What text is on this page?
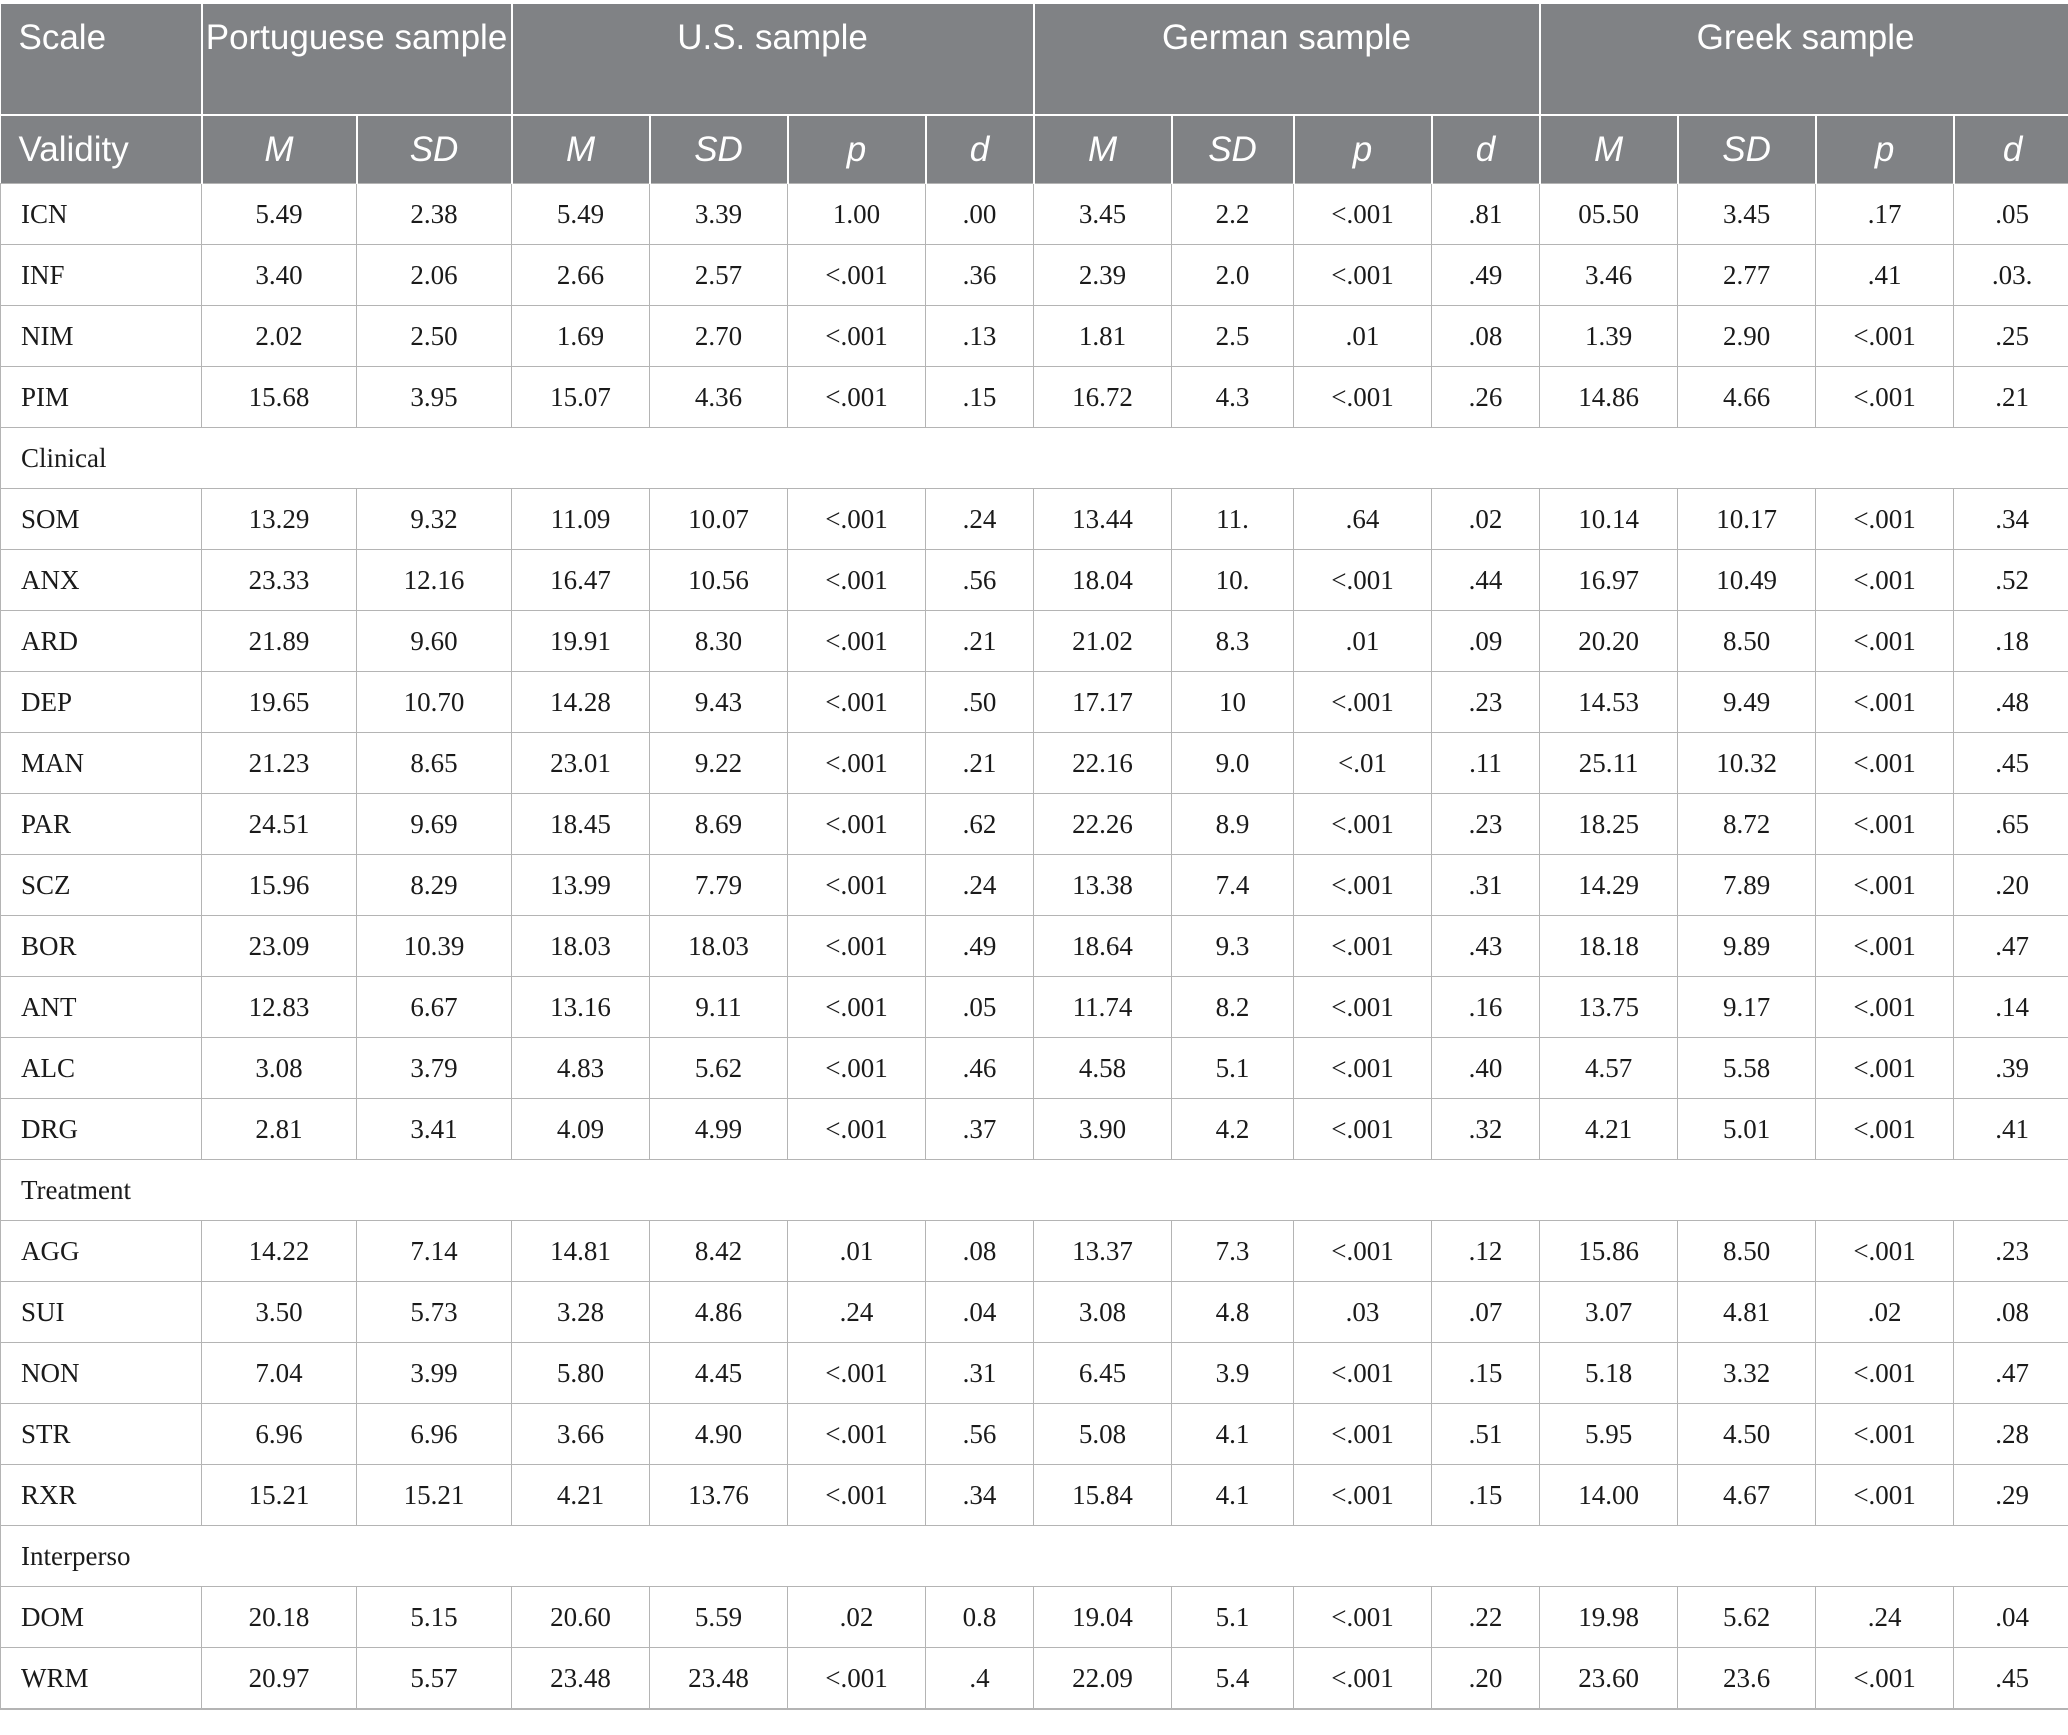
Scale	Portuguese sample		U.S. sample				German sample				Greek sample			
Validity	M	SD	M	SD	p	d	M	SD	p	d	M	SD	p	d
ICN	5.49	2.38	5.49	3.39	1.00	.00	3.45	2.2	<.001	.81	05.50	3.45	.17	.05
INF	3.40	2.06	2.66	2.57	<.001	.36	2.39	2.0	<.001	.49	3.46	2.77	.41	.03.
NIM	2.02	2.50	1.69	2.70	<.001	.13	1.81	2.5	.01	.08	1.39	2.90	<.001	.25
PIM	15.68	3.95	15.07	4.36	<.001	.15	16.72	4.3	<.001	.26	14.86	4.66	<.001	.21
Clinical														
SOM	13.29	9.32	11.09	10.07	<.001	.24	13.44	11.	.64	.02	10.14	10.17	<.001	.34
ANX	23.33	12.16	16.47	10.56	<.001	.56	18.04	10.	<.001	.44	16.97	10.49	<.001	.52
ARD	21.89	9.60	19.91	8.30	<.001	.21	21.02	8.3	.01	.09	20.20	8.50	<.001	.18
DEP	19.65	10.70	14.28	9.43	<.001	.50	17.17	10	<.001	.23	14.53	9.49	<.001	.48
MAN	21.23	8.65	23.01	9.22	<.001	.21	22.16	9.0	<.01	.11	25.11	10.32	<.001	.45
PAR	24.51	9.69	18.45	8.69	<.001	.62	22.26	8.9	<.001	.23	18.25	8.72	<.001	.65
SCZ	15.96	8.29	13.99	7.79	<.001	.24	13.38	7.4	<.001	.31	14.29	7.89	<.001	.20
BOR	23.09	10.39	18.03	18.03	<.001	.49	18.64	9.3	<.001	.43	18.18	9.89	<.001	.47
ANT	12.83	6.67	13.16	9.11	<.001	.05	11.74	8.2	<.001	.16	13.75	9.17	<.001	.14
ALC	3.08	3.79	4.83	5.62	<.001	.46	4.58	5.1	<.001	.40	4.57	5.58	<.001	.39
DRG	2.81	3.41	4.09	4.99	<.001	.37	3.90	4.2	<.001	.32	4.21	5.01	<.001	.41
Treatment														
AGG	14.22	7.14	14.81	8.42	.01	.08	13.37	7.3	<.001	.12	15.86	8.50	<.001	.23
SUI	3.50	5.73	3.28	4.86	.24	.04	3.08	4.8	.03	.07	3.07	4.81	.02	.08
NON	7.04	3.99	5.80	4.45	<.001	.31	6.45	3.9	<.001	.15	5.18	3.32	<.001	.47
STR	6.96	6.96	3.66	4.90	<.001	.56	5.08	4.1	<.001	.51	5.95	4.50	<.001	.28
RXR	15.21	15.21	4.21	13.76	<.001	.34	15.84	4.1	<.001	.15	14.00	4.67	<.001	.29
Interperso														
DOM	20.18	5.15	20.60	5.59	.02	0.8	19.04	5.1	<.001	.22	19.98	5.62	.24	.04
WRM	20.97	5.57	23.48	23.48	<.001	.4	22.09	5.4	<.001	.20	23.60	23.6	<.001	.45
